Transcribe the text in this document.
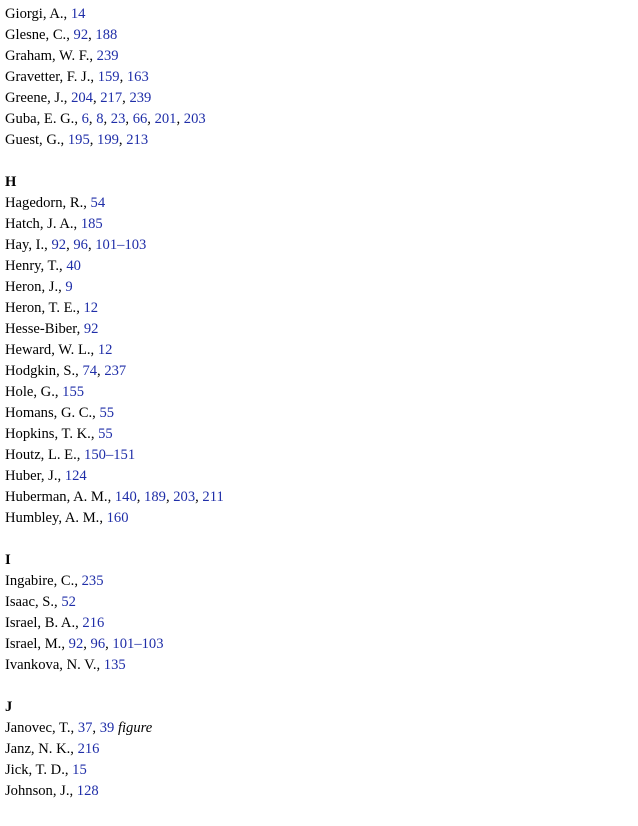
Giorgi, A., 14
Glesne, C., 92, 188
Graham, W. F., 239
Gravetter, F. J., 159, 163
Greene, J., 204, 217, 239
Guba, E. G., 6, 8, 23, 66, 201, 203
Guest, G., 195, 199, 213
H
Hagedorn, R., 54
Hatch, J. A., 185
Hay, I., 92, 96, 101–103
Henry, T., 40
Heron, J., 9
Heron, T. E., 12
Hesse-Biber, 92
Heward, W. L., 12
Hodgkin, S., 74, 237
Hole, G., 155
Homans, G. C., 55
Hopkins, T. K., 55
Houtz, L. E., 150–151
Huber, J., 124
Huberman, A. M., 140, 189, 203, 211
Humbley, A. M., 160
I
Ingabire, C., 235
Isaac, S., 52
Israel, B. A., 216
Israel, M., 92, 96, 101–103
Ivankova, N. V., 135
J
Janovec, T., 37, 39 figure
Janz, N. K., 216
Jick, T. D., 15
Johnson, J., 128
